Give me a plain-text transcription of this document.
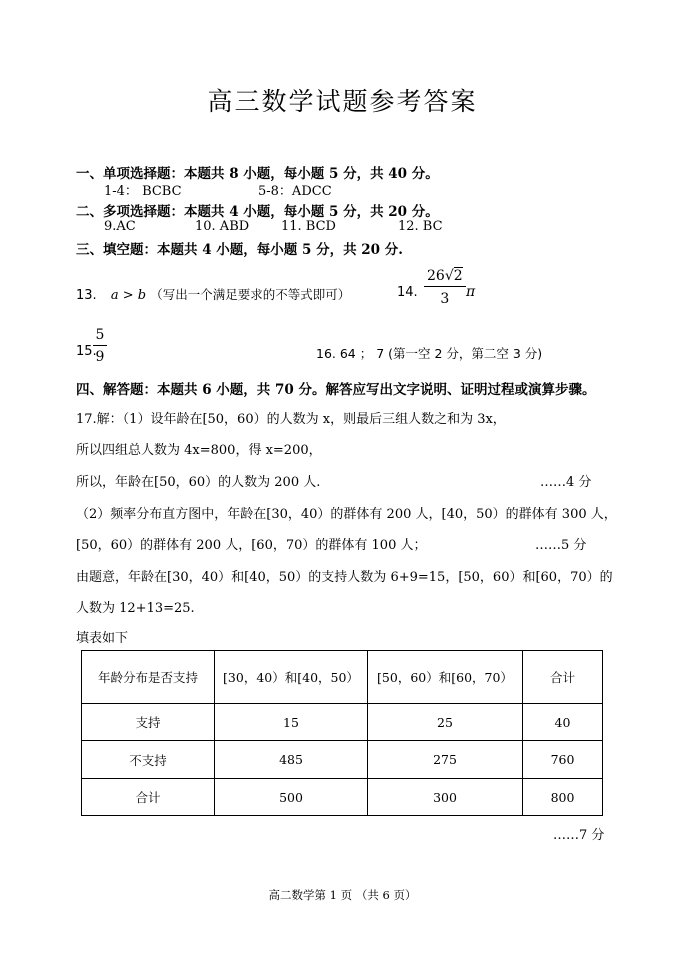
高三数学试题参考答案
一、单项选择题：本题共 8 小题，每小题 5 分，共 40 分。
1-4： BCBC	5-8：ADCC
二、多项选择题：本题共 4 小题，每小题 5 分，共 20 分。
9.AC	10. ABD 11. BCD	12. BC
三、填空题：本题共 4 小题，每小题 5 分，共 20 分.
13. a > b （写出一个满足要求的不等式即可）	14. $\frac{26√2}{3}$ π
15.
$\frac{5}{9}$	16. 64 ； 7 (第一空 2 分，第二空 3 分)
四、解答题：本题共 6 小题，共 70 分。解答应写出文字说明、证明过程或演算步骤。
17.解：（1）设年龄在[50，60）的人数为 x，则最后三组人数之和为 3x，
所以四组总人数为 4x=800，得 x=200，
所以，年龄在[50，60）的人数为 200 人.	……4 分
（2）频率分布直方图中，年龄在[30，40）的群体有 200 人，[40，50）的群体有 300 人，
[50，60）的群体有 200 人，[60，70）的群体有 100 人；	……5 分
由题意，年龄在[30，40）和[40，50）的支持人数为 6+9=15，[50，60）和[60，70）的
人数为 12+13=25.
填表如下
年龄分布是否支持	[30，40）和[40，50）	[50，60）和[60，70）	合计
支持	15	25	40
不支持	485	275	760
合计	500	300	800
……7 分
高二数学第 1 页 （共 6 页）
